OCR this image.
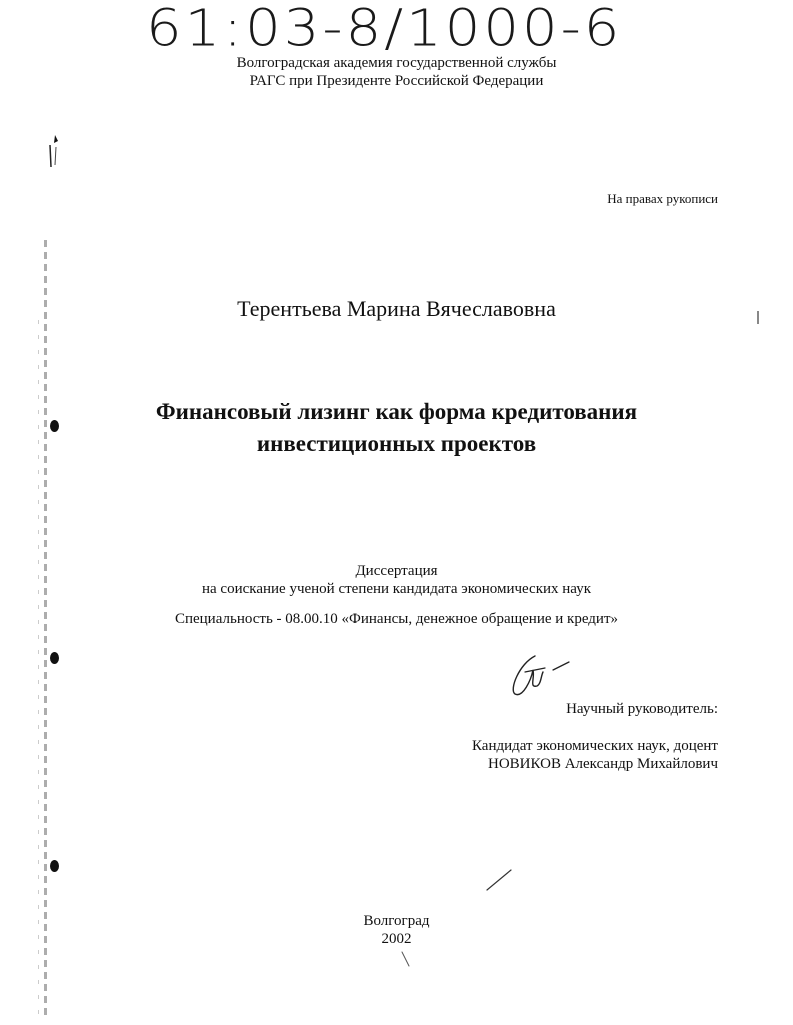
61:03-8/1000-6
Волгоградская академия государственной службы
РАГС при Президенте Российской Федерации
На правах рукописи
Терентьева Марина Вячеславовна
Финансовый лизинг как форма кредитования
инвестиционных проектов
Диссертация
на соискание ученой степени кандидата экономических наук
Специальность - 08.00.10 «Финансы, денежное обращение и кредит»
Научный руководитель:
Кандидат экономических наук, доцент
НОВИКОВ Александр Михайлович
Волгоград
2002
